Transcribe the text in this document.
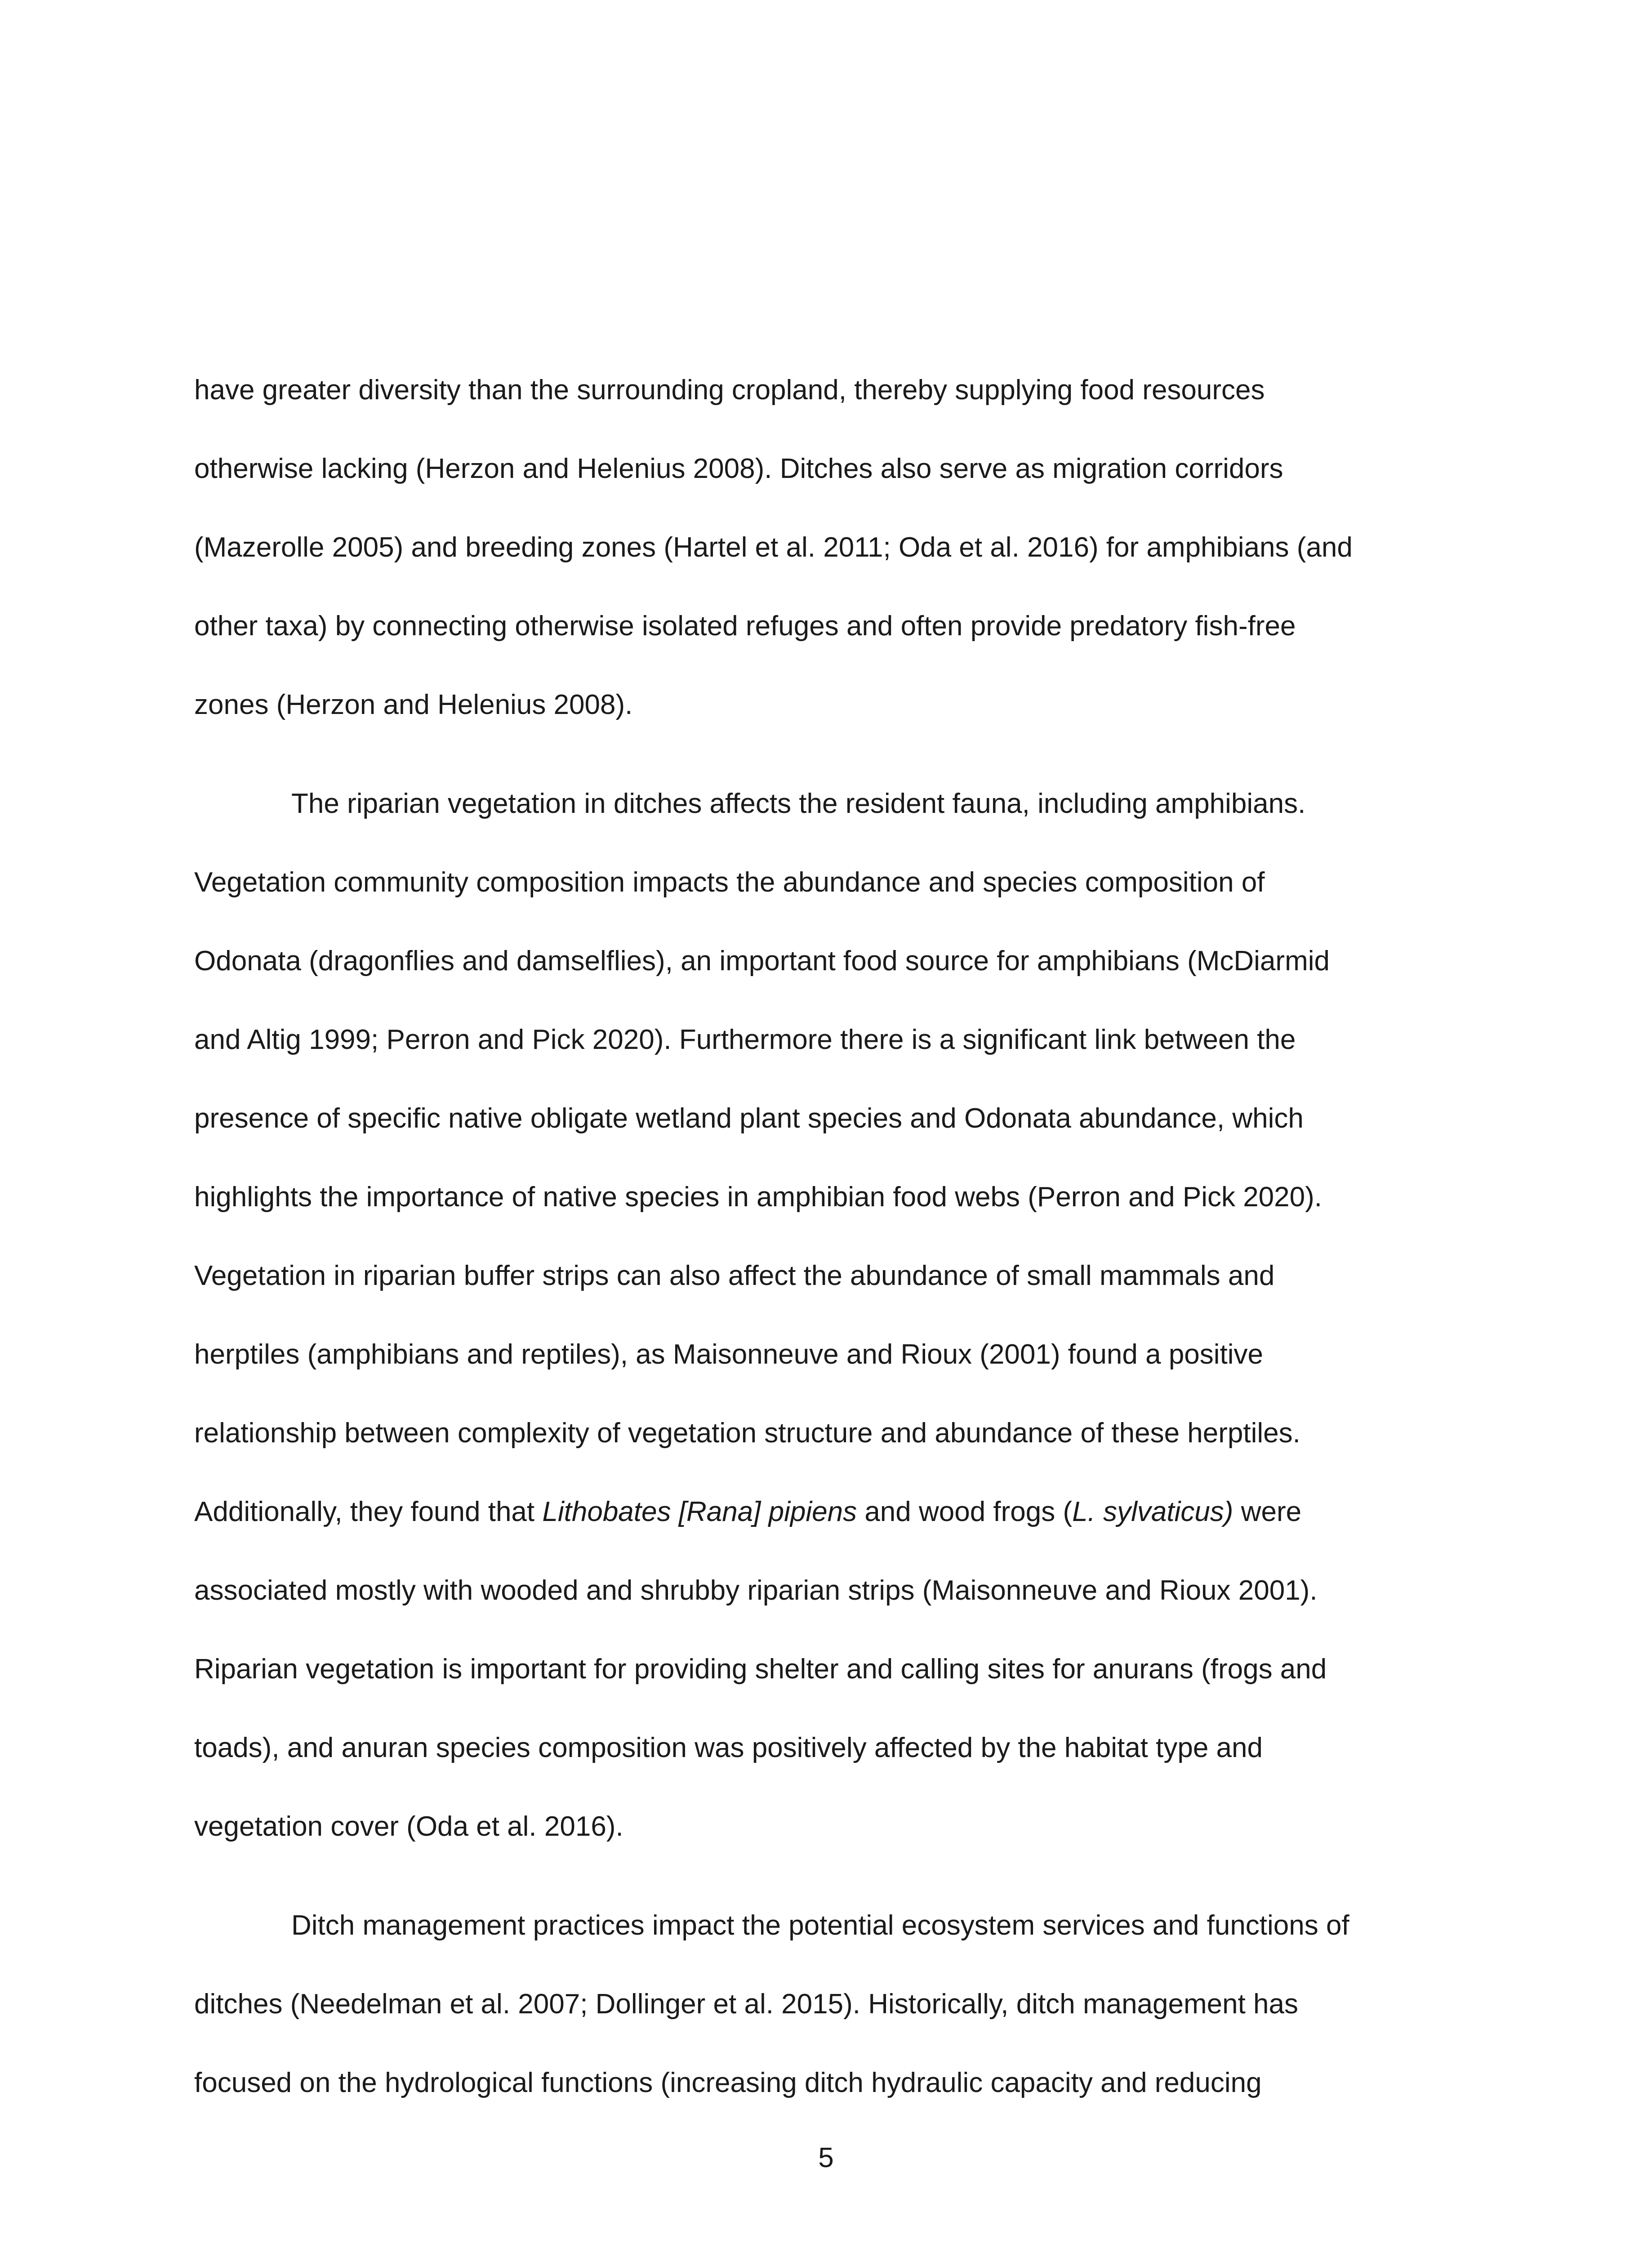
have greater diversity than the surrounding cropland, thereby supplying food resources
otherwise lacking (Herzon and Helenius 2008). Ditches also serve as migration corridors
(Mazerolle 2005) and breeding zones (Hartel et al. 2011; Oda et al. 2016) for amphibians (and
other taxa) by connecting otherwise isolated refuges and often provide predatory fish-free
zones (Herzon and Helenius 2008).
The riparian vegetation in ditches affects the resident fauna, including amphibians.
Vegetation community composition impacts the abundance and species composition of
Odonata (dragonflies and damselflies), an important food source for amphibians (McDiarmid
and Altig 1999; Perron and Pick 2020). Furthermore there is a significant link between the
presence of specific native obligate wetland plant species and Odonata abundance, which
highlights the importance of native species in amphibian food webs (Perron and Pick 2020).
Vegetation in riparian buffer strips can also affect the abundance of small mammals and
herptiles (amphibians and reptiles), as Maisonneuve and Rioux (2001) found a positive
relationship between complexity of vegetation structure and abundance of these herptiles.
Additionally, they found that Lithobates [Rana] pipiens and wood frogs (L. sylvaticus) were
associated mostly with wooded and shrubby riparian strips (Maisonneuve and Rioux 2001).
Riparian vegetation is important for providing shelter and calling sites for anurans (frogs and
toads), and anuran species composition was positively affected by the habitat type and
vegetation cover (Oda et al. 2016).
Ditch management practices impact the potential ecosystem services and functions of
ditches (Needelman et al. 2007; Dollinger et al. 2015). Historically, ditch management has
focused on the hydrological functions (increasing ditch hydraulic capacity and reducing
5
